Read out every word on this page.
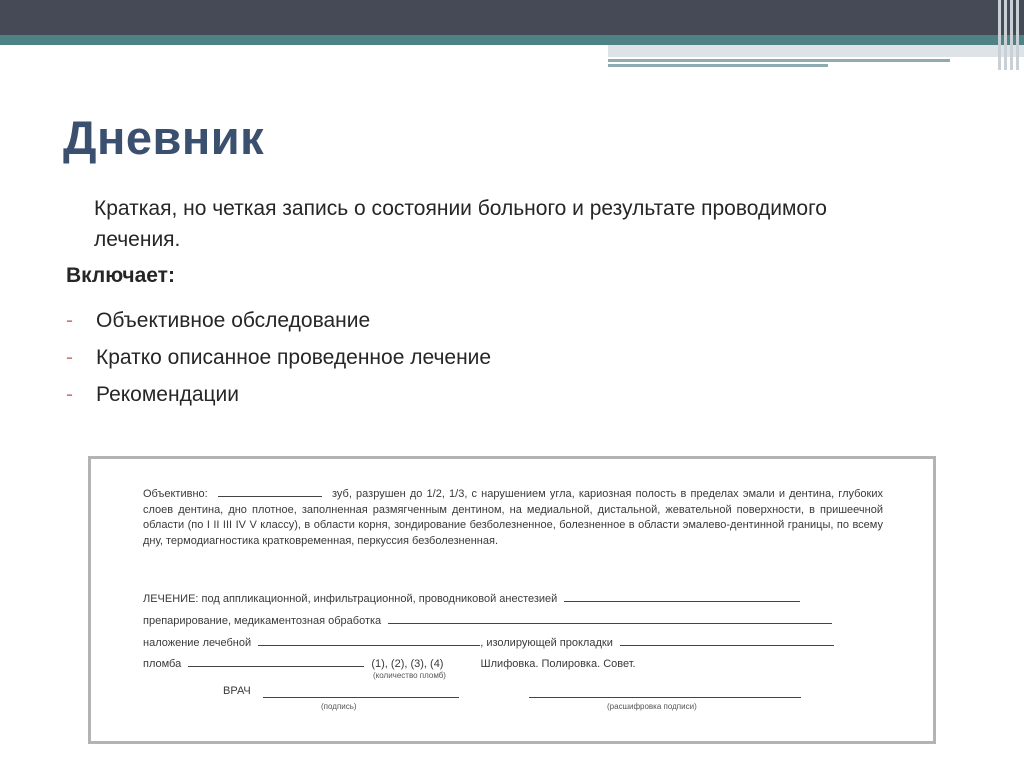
Дневник
Краткая, но четкая запись о состоянии больного и результате проводимого лечения.
Включает:
- Объективное обследование
- Кратко описанное проведенное лечение
- Рекомендации
Объективно:	зуб, разрушен до 1/2, 1/3, с нарушением угла, кариозная полость в пределах эмали и дентина, глубоких слоев дентина, дно плотное, заполненная размягченным дентином, на медиальной, дистальной, жевательной поверхности, в пришеечной области (по I II III IV V классу), в области корня, зондирование безболезненное, болезненное в области эмалево-дентинной границы, по всему дну, термодиагностика кратковременная, перкуссия безболезненная.
ЛЕЧЕНИЕ: под аппликационной, инфильтрационной, проводниковой анестезией
препарирование, медикаментозная обработка
наложение лечебной	, изолирующей прокладки
пломба	(1), (2), (3), (4)	Шлифовка. Полировка. Совет.
(количество пломб)
ВРАЧ
(подпись)	(расшифровка подписи)
